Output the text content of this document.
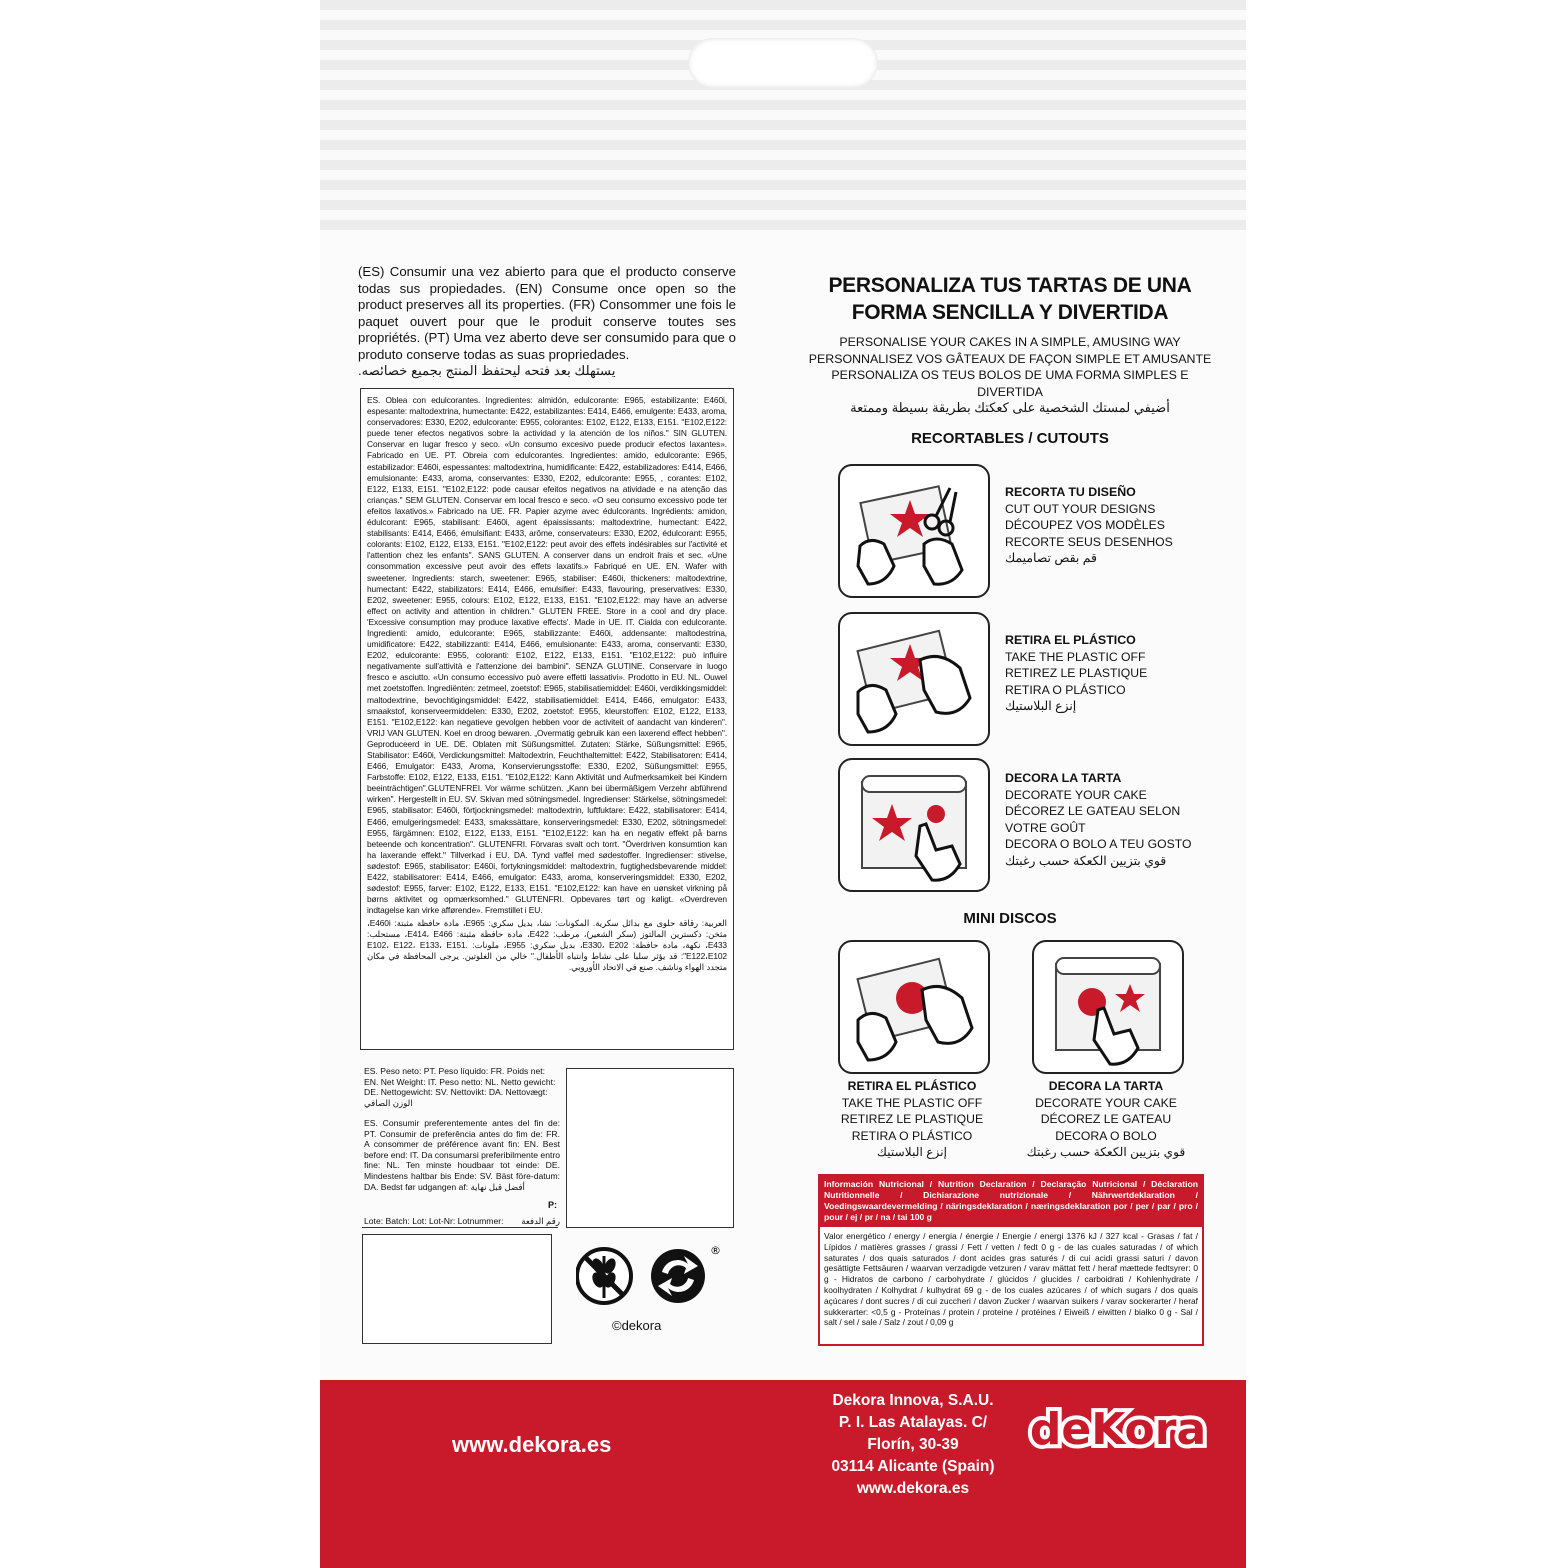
www.dekora.es
Dekora Innova, S.A.U.
P. I. Las Atalayas. C/ Florín, 30-39
03114 Alicante (Spain)
www.dekora.es
deKora
(ES) Consumir una vez abierto para que el producto conserve todas sus propiedades. (EN) Consume once open so the product preserves all its properties. (FR) Consommer une fois le paquet ouvert pour que le produit conserve toutes ses propriétés. (PT) Uma vez aberto deve ser consumido para que o produto conserve todas as suas propriedades.
يستهلك بعد فتحه ليحتفظ المنتج بجميع خصائصه.
ES. Oblea con edulcorantes. Ingredientes: almidón, edulcorante: E965, estabilizante: E460i, espesante: maltodextrina, humectante: E422, estabilizantes: E414, E466, emulgente: E433, aroma, conservadores: E330, E202, edulcorante: E955, colorantes: E102, E122, E133, E151. "E102,E122: puede tener efectos negativos sobre la actividad y la atención de los niños." SIN GLUTEN. Conservar en lugar fresco y seco. «Un consumo excesivo puede producir efectos laxantes». Fabricado en UE. PT. Obreia com edulcorantes. Ingredientes: amido, edulcorante: E965, estabilizador: E460i, espessantes: maltodextrina, humidificante: E422, estabilizadores: E414, E466, emulsionante: E433, aroma, conservantes: E330, E202, edulcorante: E955, , corantes: E102, E122, E133, E151. "E102,E122: pode causar efeitos negativos na atividade e na atenção das crianças." SEM GLUTEN. Conservar em local fresco e seco. «O seu consumo excessivo pode ter efeitos laxativos.» Fabricado na UE. FR. Papier azyme avec édulcorants. Ingrédients: amidon, édulcorant: E965, stabilisant: E460i, agent épaississants: maltodextrine, humectant: E422, stabilisants: E414, E466, émulsifiant: E433, arôme, conservateurs: E330, E202, édulcorant: E955, colorants: E102, E122, E133, E151. "E102,E122: peut avoir des effets indésirables sur l'activité et l'attention chez les enfants". SANS GLUTEN. A conserver dans un endroit frais et sec. «Une consommation excessive peut avoir des effets laxatifs.» Fabriqué en UE. EN. Wafer with sweetener. Ingredients: starch, sweetener: E965, stabiliser: E460i, thickeners: maltodextrine, humectant: E422, stabilizators: E414, E466, emulsifier: E433, flavouring, preservatives: E330, E202, sweetener: E955, colours: E102, E122, E133, E151. "E102,E122: may have an adverse effect on activity and attention in children." GLUTEN FREE. Store in a cool and dry place. 'Excessive consumption may produce laxative effects'. Made in UE. IT. Cialda con edulcorante. Ingredienti: amido, edulcorante: E965, stabilizzante: E460i, addensante: maltodestrina, umidificatore: E422, stabilizzanti: E414, E466, emulsionante: E433, aroma, conservanti: E330, E202, edulcorante: E955, coloranti: E102, E122, E133, E151. "E102,E122: può influire negativamente sull'attività e l'attenzione dei bambini". SENZA GLUTINE. Conservare in luogo fresco e asciutto. «Un consumo eccessivo può avere effetti lassativi». Prodotto in EU. NL. Ouwel met zoetstoffen. Ingrediënten: zetmeel, zoetstof: E965, stabilisatiemiddel: E460i, verdikkingsmiddel: maltodextrine, bevochtigingsmiddel: E422, stabilisatiemiddel: E414, E466, emulgator: E433, smaakstof, konserveermiddelen: E330, E202, zoetstof: E955, kleurstoffen: E102, E122, E133, E151. "E102,E122: kan negatieve gevolgen hebben voor de activiteit of aandacht van kinderen". VRIJ VAN GLUTEN. Koel en droog bewaren. „Overmatig gebruik kan een laxerend effect hebben". Geproduceerd in UE. DE. Oblaten mit Süßungsmittel. Zutaten: Stärke, Süßungsmittel: E965, Stabilisator: E460i, Verdickungsmittel: Maltodextrin, Feuchthaltemittel: E422, Stabilisatoren: E414, E466, Emulgator: E433, Aroma, Konservierungsstoffe: E330, E202, Süßungsmittel: E955, Farbstoffe: E102, E122, E133, E151. "E102,E122: Kann Aktivität und Aufmerksamkeit bei Kindern beeinträchtigen".GLUTENFREI. Vor wärme schützen. „Kann bei übermäßigem Verzehr abführend wirken". Hergestellt in EU. SV. Skivan med sötningsmedel. Ingredienser: Stärkelse, sötningsmedel: E965, stabilisator: E460i, förtjockningsmedel: maltodextrin, luftfuktare: E422, stabilisatorer: E414, E466, emulgeringsmedel: E433, smakssättare, konserveringsmedel: E330, E202, sötningsmedel: E955, färgämnen: E102, E122, E133, E151. "E102,E122: kan ha en negativ effekt på barns beteende och koncentration". GLUTENFRI. Förvaras svalt och torrt. "Överdriven konsumtion kan ha laxerande effekt." Tillverkad i EU. DA. Tynd vaffel med sødestoffer. Ingredienser: stivelse, sødestof: E965, stabilisator: E460i, fortykningsmiddel: maltodextrin, fugtighedsbevarende middel: E422, stabilisatorer: E414, E466, emulgator: E433, aroma, konserveringsmiddel: E330, E202, sødestof: E955, farver: E102, E122, E133, E151. "E102,E122: kan have en uønsket virkning på børns aktivitet og opmærksomhed." GLUTENFRI. Opbevares tørt og køligt. «Overdreven indtagelse kan virke afførende». Fremstillet i EU.
العربية: رقاقة حلوى مع بدائل سكرية. المكونات: نشا، بديل سكري: E965، مادة حافظة مثبتة: E460i، مثخن: دكسترين المالتوز (سكر الشعير)، مرطب: E422، مادة حافظة مثبتة: E414، E466، مستحلب: E433، نكهة، مادة حافظة: E330، E202، بديل سكري: E955، ملونات: E102، E122، E133، E151. "E122،E102: قد يؤثر سلبا على نشاط وانتباه الأطفال." خالي من الغلوتين. يرجى المحافظة في مكان متجدد الهواء وناشف. صنع في الاتحاد الأوروبي.
ES. Peso neto: PT. Peso líquido: FR. Poids net: EN. Net Weight: IT. Peso netto: NL. Netto gewicht: DE. Nettogewicht: SV. Nettovikt: DA. Nettovægt: الوزن الصافي
ES. Consumir preferentemente antes del fin de: PT. Consumir de preferência antes do fim de: FR. A consommer de préférence avant fin: EN. Best before end: IT. Da consumarsi preferibilmente entro fine: NL. Ten minste houdbaar tot einde: DE. Mindestens haltbar bis Ende: SV. Bäst före-datum: DA. Bedst før udgangen af: أفضل قبل نهاية
P:
Lote: Batch: Lot: Lot-Nr: Lotnummer: رقم الدفعة
®
©dekora
PERSONALIZA TUS TARTAS DE UNA
FORMA SENCILLA Y DIVERTIDA
PERSONALISE YOUR CAKES IN A SIMPLE, AMUSING WAY
PERSONNALISEZ VOS GÂTEAUX DE FAÇON SIMPLE ET AMUSANTE
PERSONALIZA OS TEUS BOLOS DE UMA FORMA SIMPLES E DIVERTIDA
أضيفي لمستك الشخصية على كعكتك بطريقة بسيطة وممتعة
RECORTABLES / CUTOUTS
RECORTA TU DISEÑO
CUT OUT YOUR DESIGNS
DÉCOUPEZ VOS MODÈLES
RECORTE SEUS DESENHOS
قم بقص تصاميمك
RETIRA EL PLÁSTICO
TAKE THE PLASTIC OFF
RETIREZ LE PLASTIQUE
RETIRA O PLÁSTICO
إنزع البلاستيك
DECORA LA TARTA
DECORATE YOUR CAKE
DÉCOREZ LE GATEAU SELON
VOTRE GOÛT
DECORA O BOLO A TEU GOSTO
قوي بتزيين الكعكة حسب رغبتك
MINI DISCOS
RETIRA EL PLÁSTICO
TAKE THE PLASTIC OFF
RETIREZ LE PLASTIQUE
RETIRA O PLÁSTICO
إنزع البلاستيك
DECORA LA TARTA
DECORATE YOUR CAKE
DÉCOREZ LE GATEAU
DECORA O BOLO
قوي بتزيين الكعكة حسب رغبتك
Información Nutricional / Nutrition Declaration / Declaração Nutricional / Déclaration Nutritionnelle / Dichiarazione nutrizionale / Nährwertdeklaration / Voedingswaardevermelding / näringsdeklaration / næringsdeklaration por / per / par / pro / pour / ej / pr / na / tai 100 g
Valor energético / energy / energia / énergie / Energie / energi 1376 kJ / 327 kcal - Grasas / fat / Lípidos / matières grasses / grassi / Fett / vetten / fedt 0 g - de las cuales saturadas / of which saturates / dos quais saturados / dont acides gras saturés / di cui acidi grassi saturi / davon gesättigte Fettsäuren / waarvan verzadigde vetzuren / varav mättat fett / heraf mættede fedtsyrer: 0 g - Hidratos de carbono / carbohydrate / glúcidos / glucides / carboidrati / Kohlenhydrate / koolhydraten / Kolhydrat / kulhydrat 69 g - de los cuales azúcares / of which sugars / dos quais açúcares / dont sucres / di cui zuccheri / davon Zucker / waarvan suikers / varav sockerarter / heraf sukkerarter: <0,5 g - Proteínas / protein / proteine / protéines / Eiweiß / eiwitten / białko 0 g - Sal / salt / sel / sale / Salz / zout / 0,09 g
